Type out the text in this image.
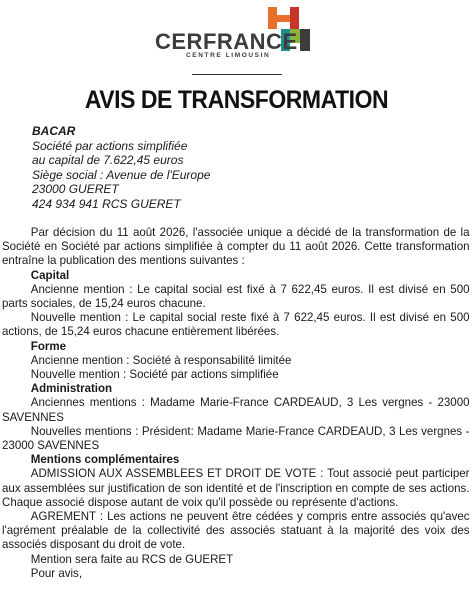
CERFRANCE
CENTRE LIMOUSIN
AVIS DE TRANSFORMATION
BACAR
Société par actions simplifiée
au capital de 7.622,45 euros
Siège social : Avenue de l'Europe
23000 GUERET
424 934 941 RCS GUERET

Par décision du 11 août 2026, l'associée unique a décidé de la transformation de la Société en Société par actions simplifiée à compter du 11 août 2026. Cette transformation entraîne la publication des mentions suivantes :

Capital

Ancienne mention : Le capital social est fixé à 7 622,45 euros. Il est divisé en 500 parts sociales, de 15,24 euros chacune.

Nouvelle mention : Le capital social reste fixé à 7 622,45 euros. Il est divisé en 500 actions, de 15,24 euros chacune entièrement libérées.

Forme

Ancienne mention : Société à responsabilité limitée

Nouvelle mention : Société par actions simplifiée

Administration

Anciennes mentions : Madame Marie-France CARDEAUD, 3 Les vergnes - 23000 SAVENNES

Nouvelles mentions : Président: Madame Marie-France CARDEAUD, 3 Les vergnes - 23000 SAVENNES

Mentions complémentaires

ADMISSION AUX ASSEMBLEES ET DROIT DE VOTE : Tout associé peut participer aux assemblées sur justification de son identité et de l'inscription en compte de ses actions. Chaque associé dispose autant de voix qu'il possède ou représente d'actions.

AGREMENT : Les actions ne peuvent être cédées y compris entre associés qu'avec l'agrément préalable de la collectivité des associés statuant à la majorité des voix des associés disposant du droit de vote.

Mention sera faite au RCS de GUERET

Pour avis,
